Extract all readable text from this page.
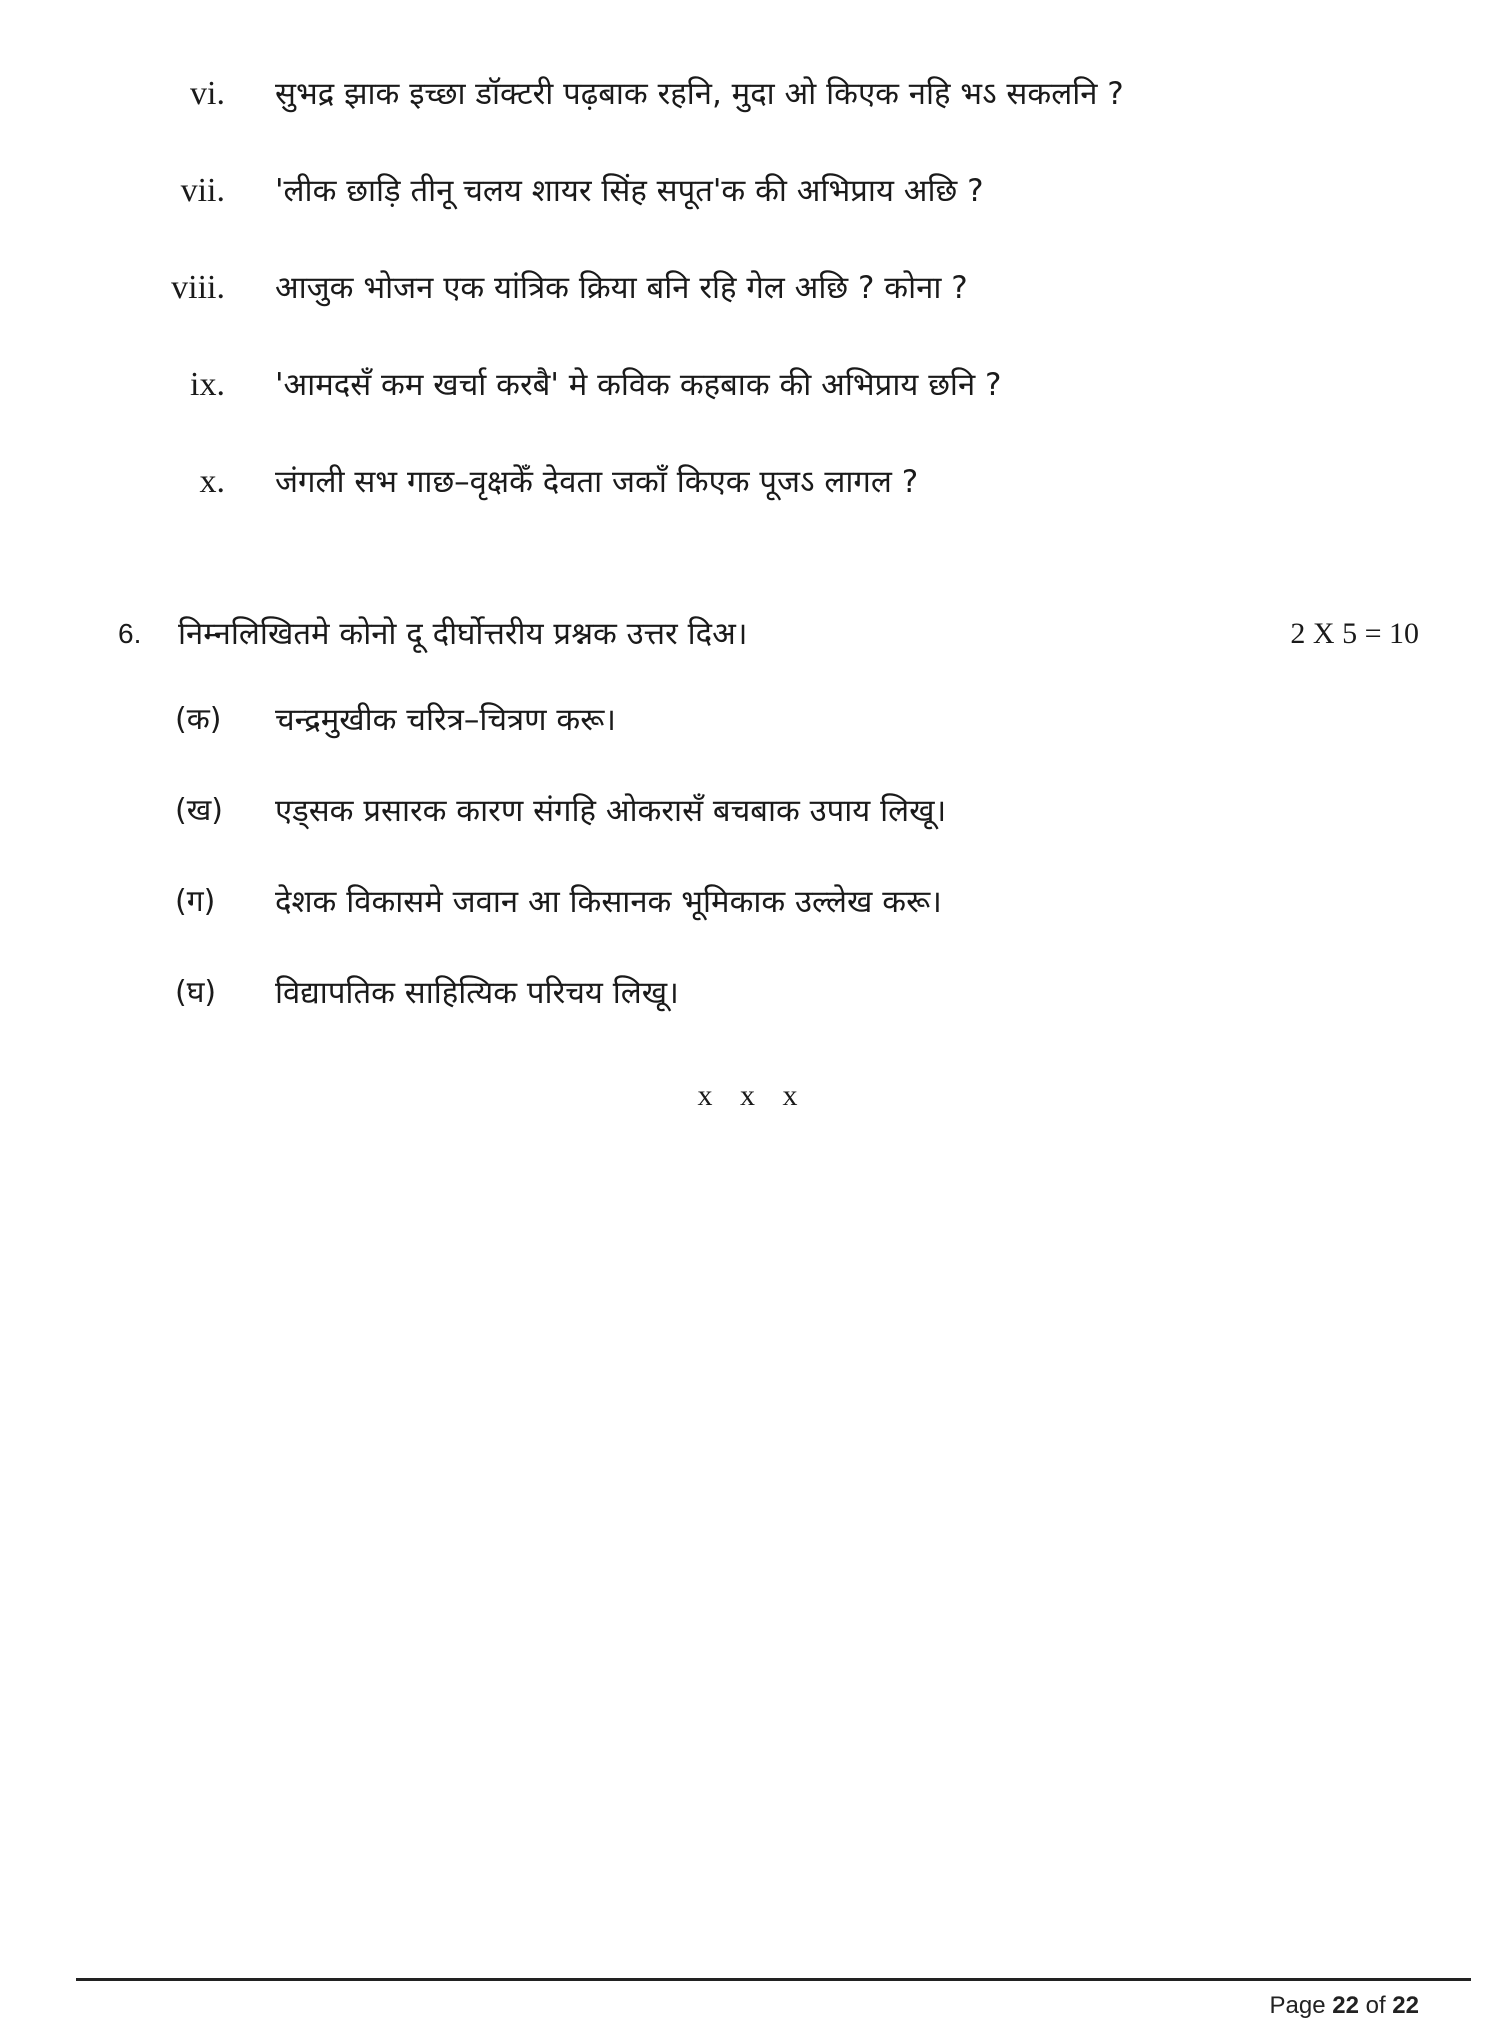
vi. सुभद्र झाक इच्छा डॉक्टरी पढ़बाक रहनि, मुदा ओ किएक नहि भऽ सकलनि ?
vii. 'लीक छाड़ि तीनू चलय शायर सिंह सपूत'क की अभिप्राय अछि ?
viii. आजुक भोजन एक यांत्रिक क्रिया बनि रहि गेल अछि ? कोना ?
ix. 'आमदसँ कम खर्चा करबै' मे कविक कहबाक की अभिप्राय छनि ?
x. जंगली सभ गाछ–वृक्षकेँ देवता जकाँ किएक पूजऽ लागल ?
6. निम्नलिखितमे कोनो दू दीर्घोत्तरीय प्रश्नक उत्तर दिअ।	2 X 5 = 10
(क) चन्द्रमुखीक चरित्र–चित्रण करू।
(ख) एड्सक प्रसारक कारण संगहि ओकरासँ बचबाक उपाय लिखू।
(ग) देशक विकासमे जवान आ किसानक भूमिकाक उल्लेख करू।
(घ) विद्यापतिक साहित्यिक परिचय लिखू।
x x x
Page 22 of 22
